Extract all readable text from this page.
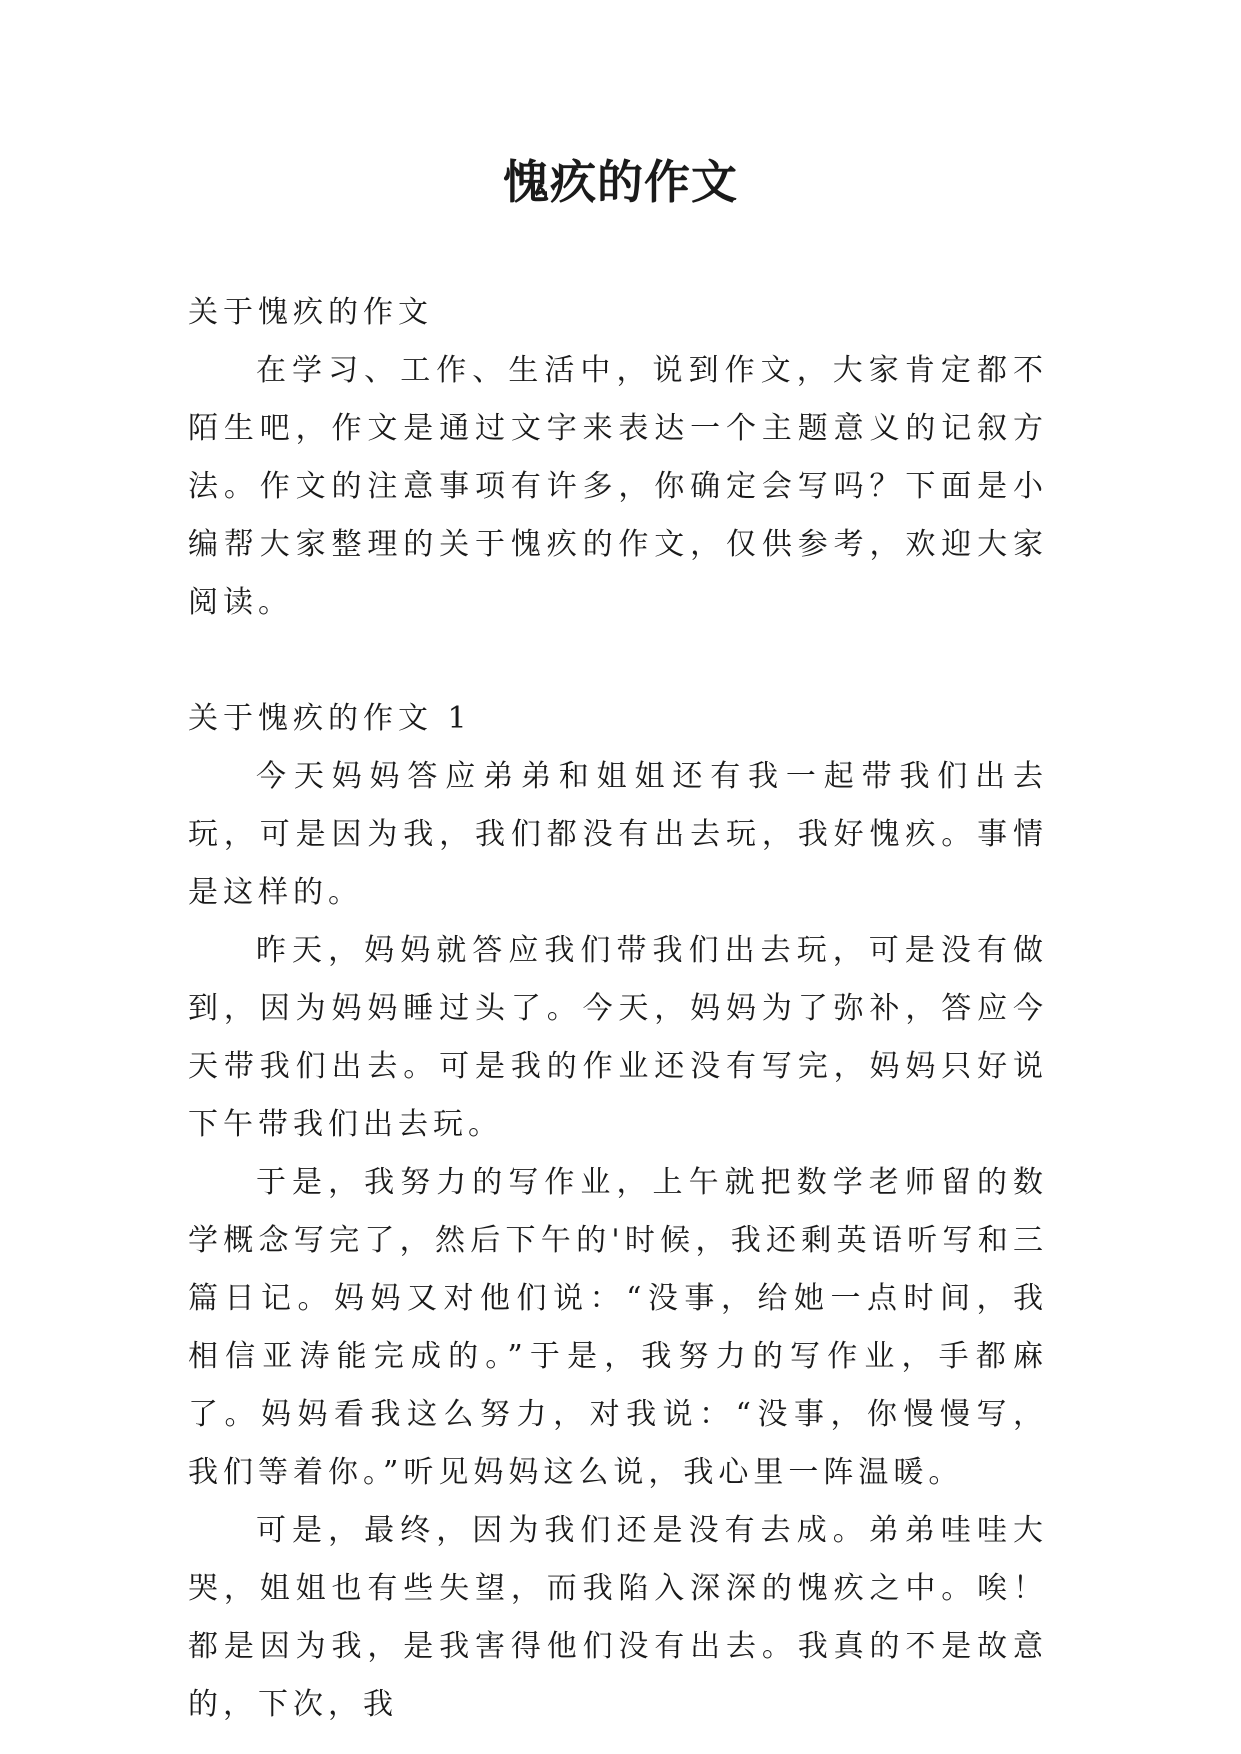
愧疚的作文

关于愧疚的作文

在学习、工作、生活中，说到作文，大家肯定都不陌生吧，作文是通过文字来表达一个主题意义的记叙方法。作文的注意事项有许多，你确定会写吗？下面是小编帮大家整理的关于愧疚的作文，仅供参考，欢迎大家阅读。

关于愧疚的作文 1

今天妈妈答应弟弟和姐姐还有我一起带我们出去玩，可是因为我，我们都没有出去玩，我好愧疚。事情是这样的。

昨天，妈妈就答应我们带我们出去玩，可是没有做到，因为妈妈睡过头了。今天，妈妈为了弥补，答应今天带我们出去。可是我的作业还没有写完，妈妈只好说下午带我们出去玩。

于是，我努力的写作业，上午就把数学老师留的数学概念写完了，然后下午的'时候，我还剩英语听写和三篇日记。妈妈又对他们说：“没事，给她一点时间，我相信亚涛能完成的。”于是，我努力的写作业，手都麻了。妈妈看我这么努力，对我说：“没事，你慢慢写，我们等着你。”听见妈妈这么说，我心里一阵温暖。

可是，最终，因为我们还是没有去成。弟弟哇哇大哭，姐姐也有些失望，而我陷入深深的愧疚之中。唉！都是因为我，是我害得他们没有出去。我真的不是故意的，下次，我
